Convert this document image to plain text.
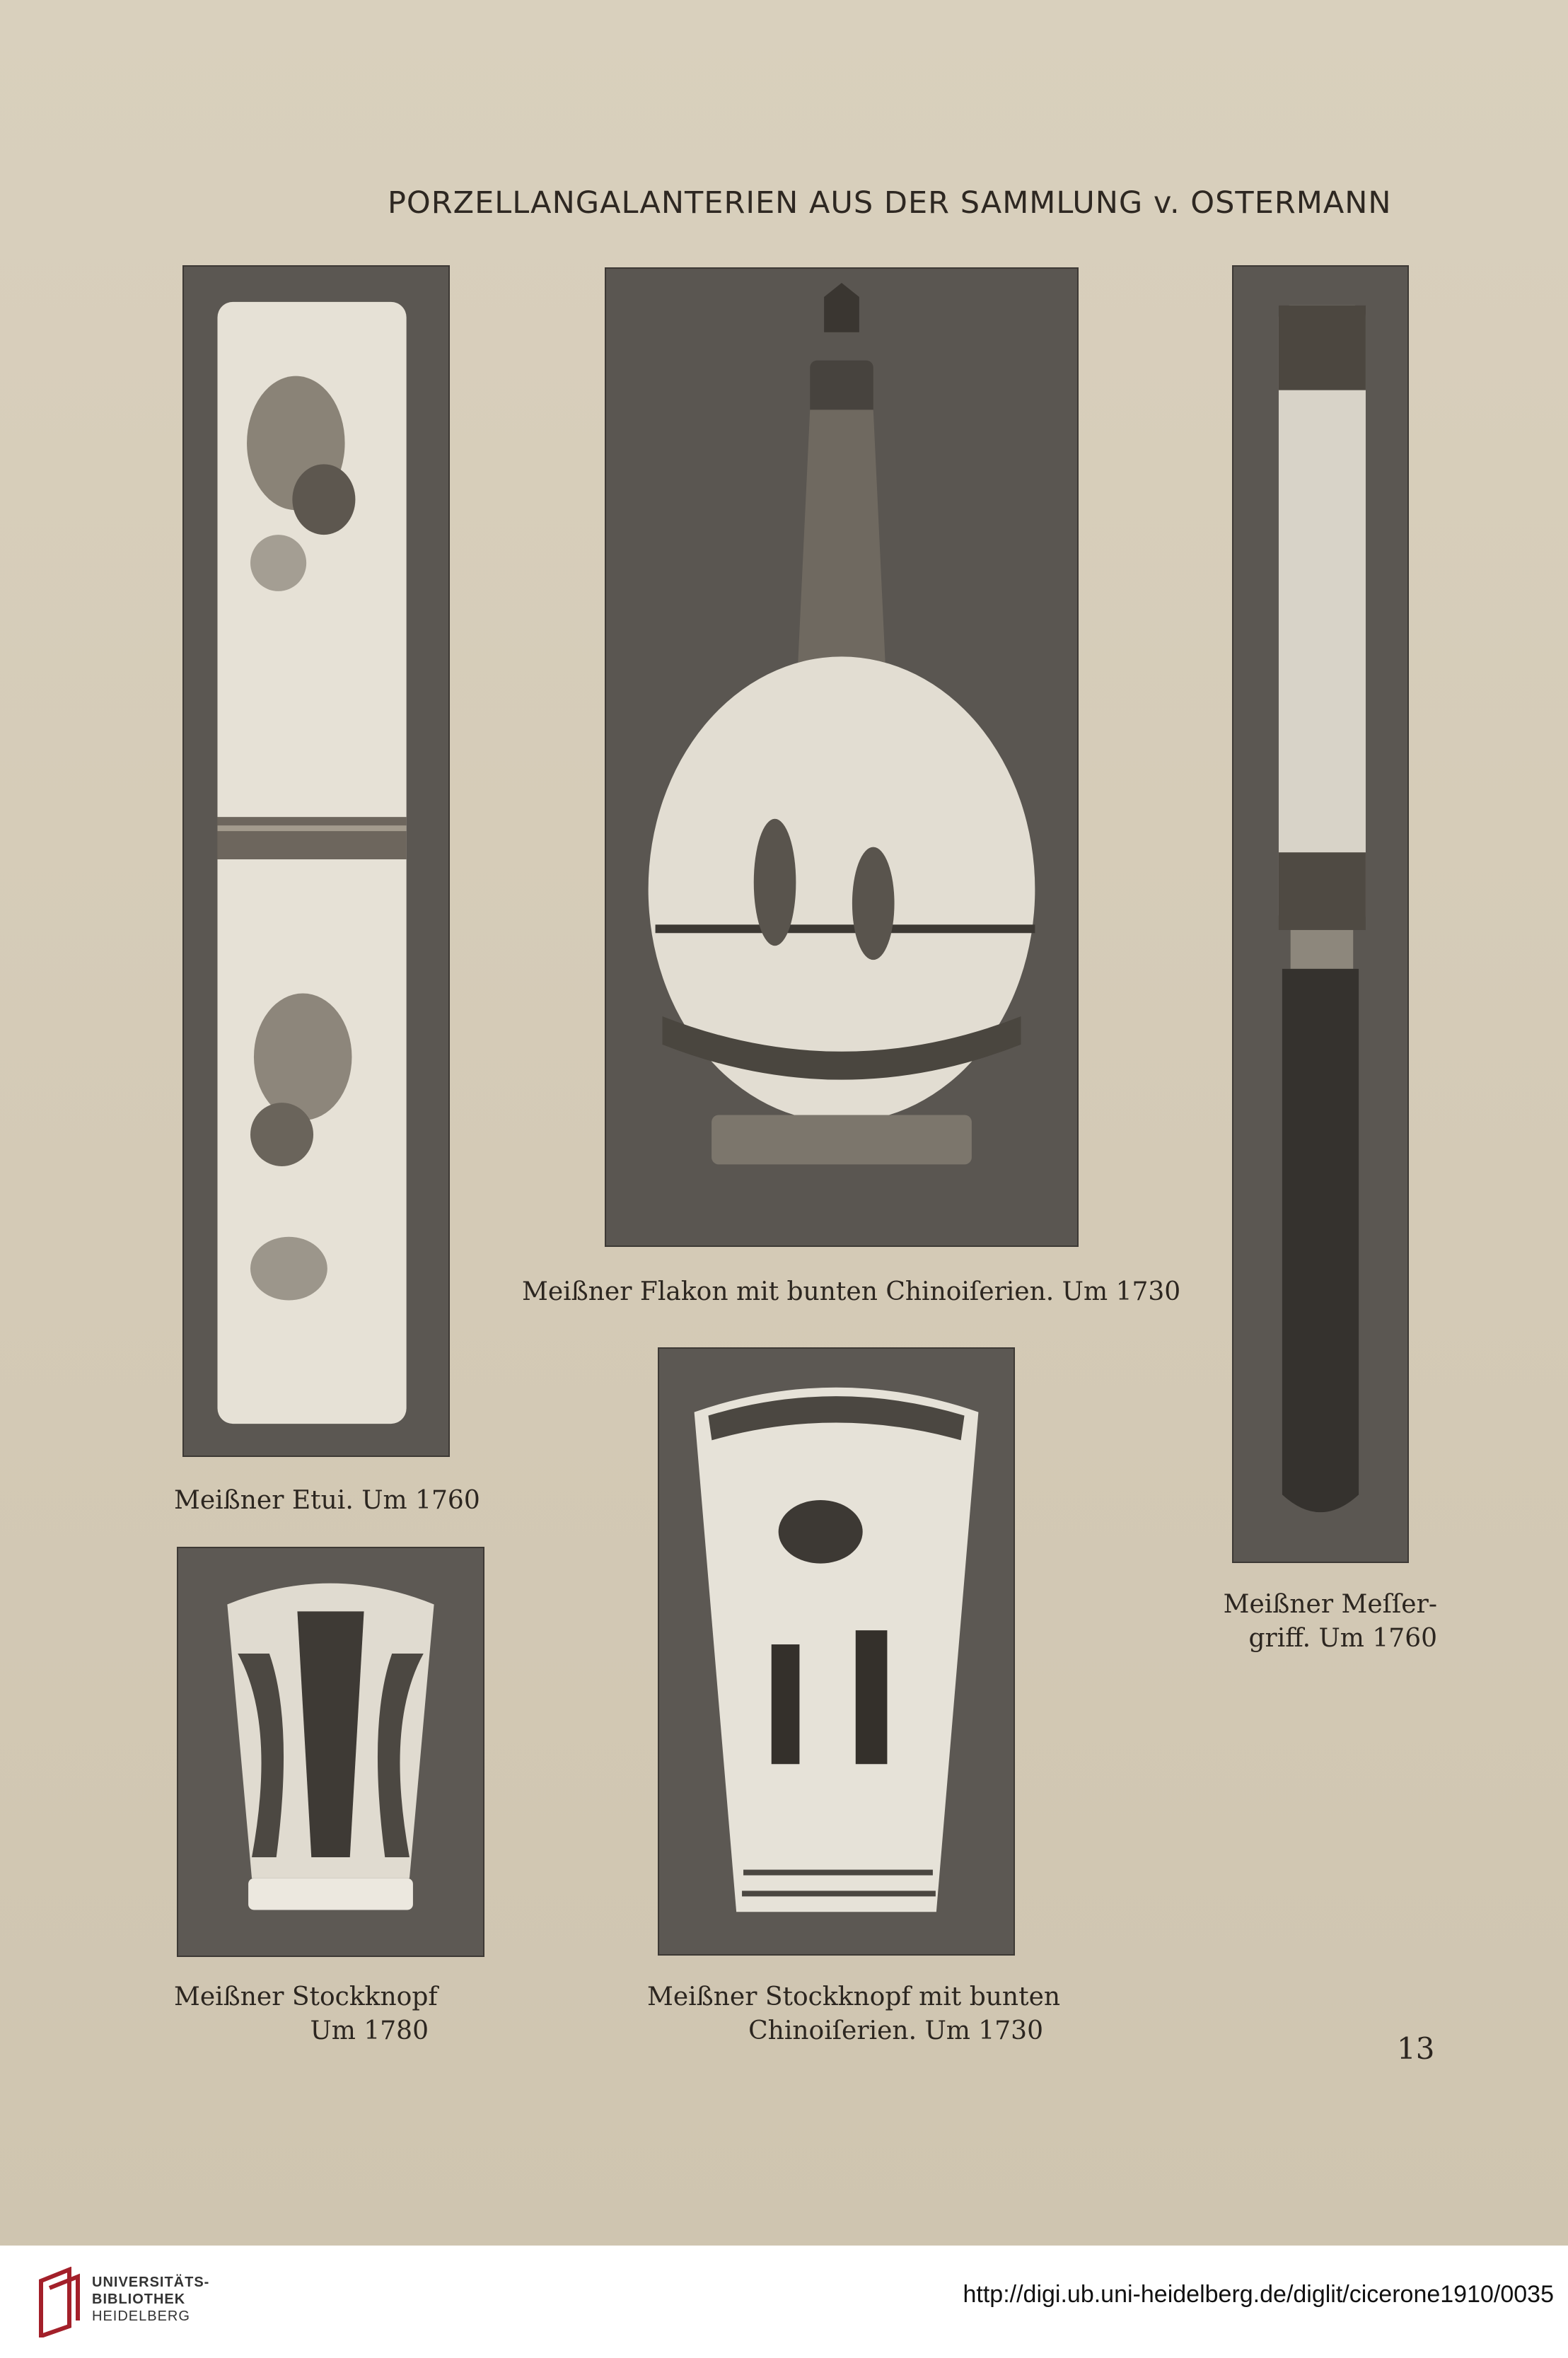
PORZELLANGALANTERIEN AUS DER SAMMLUNG v. OSTERMANN
Meißner Flakon mit bunten Chinoiſerien. Um 1730
Meißner Etui. Um 1760
Meißner Meſſer-
griff. Um 1760
Meißner Stockknopf
Um 1780
Meißner Stockknopf mit bunten
Chinoiſerien. Um 1730
13
UNIVERSITÄTS-
BIBLIOTHEK
HEIDELBERG
http://digi.ub.uni-heidelberg.de/diglit/cicerone1910/0035
